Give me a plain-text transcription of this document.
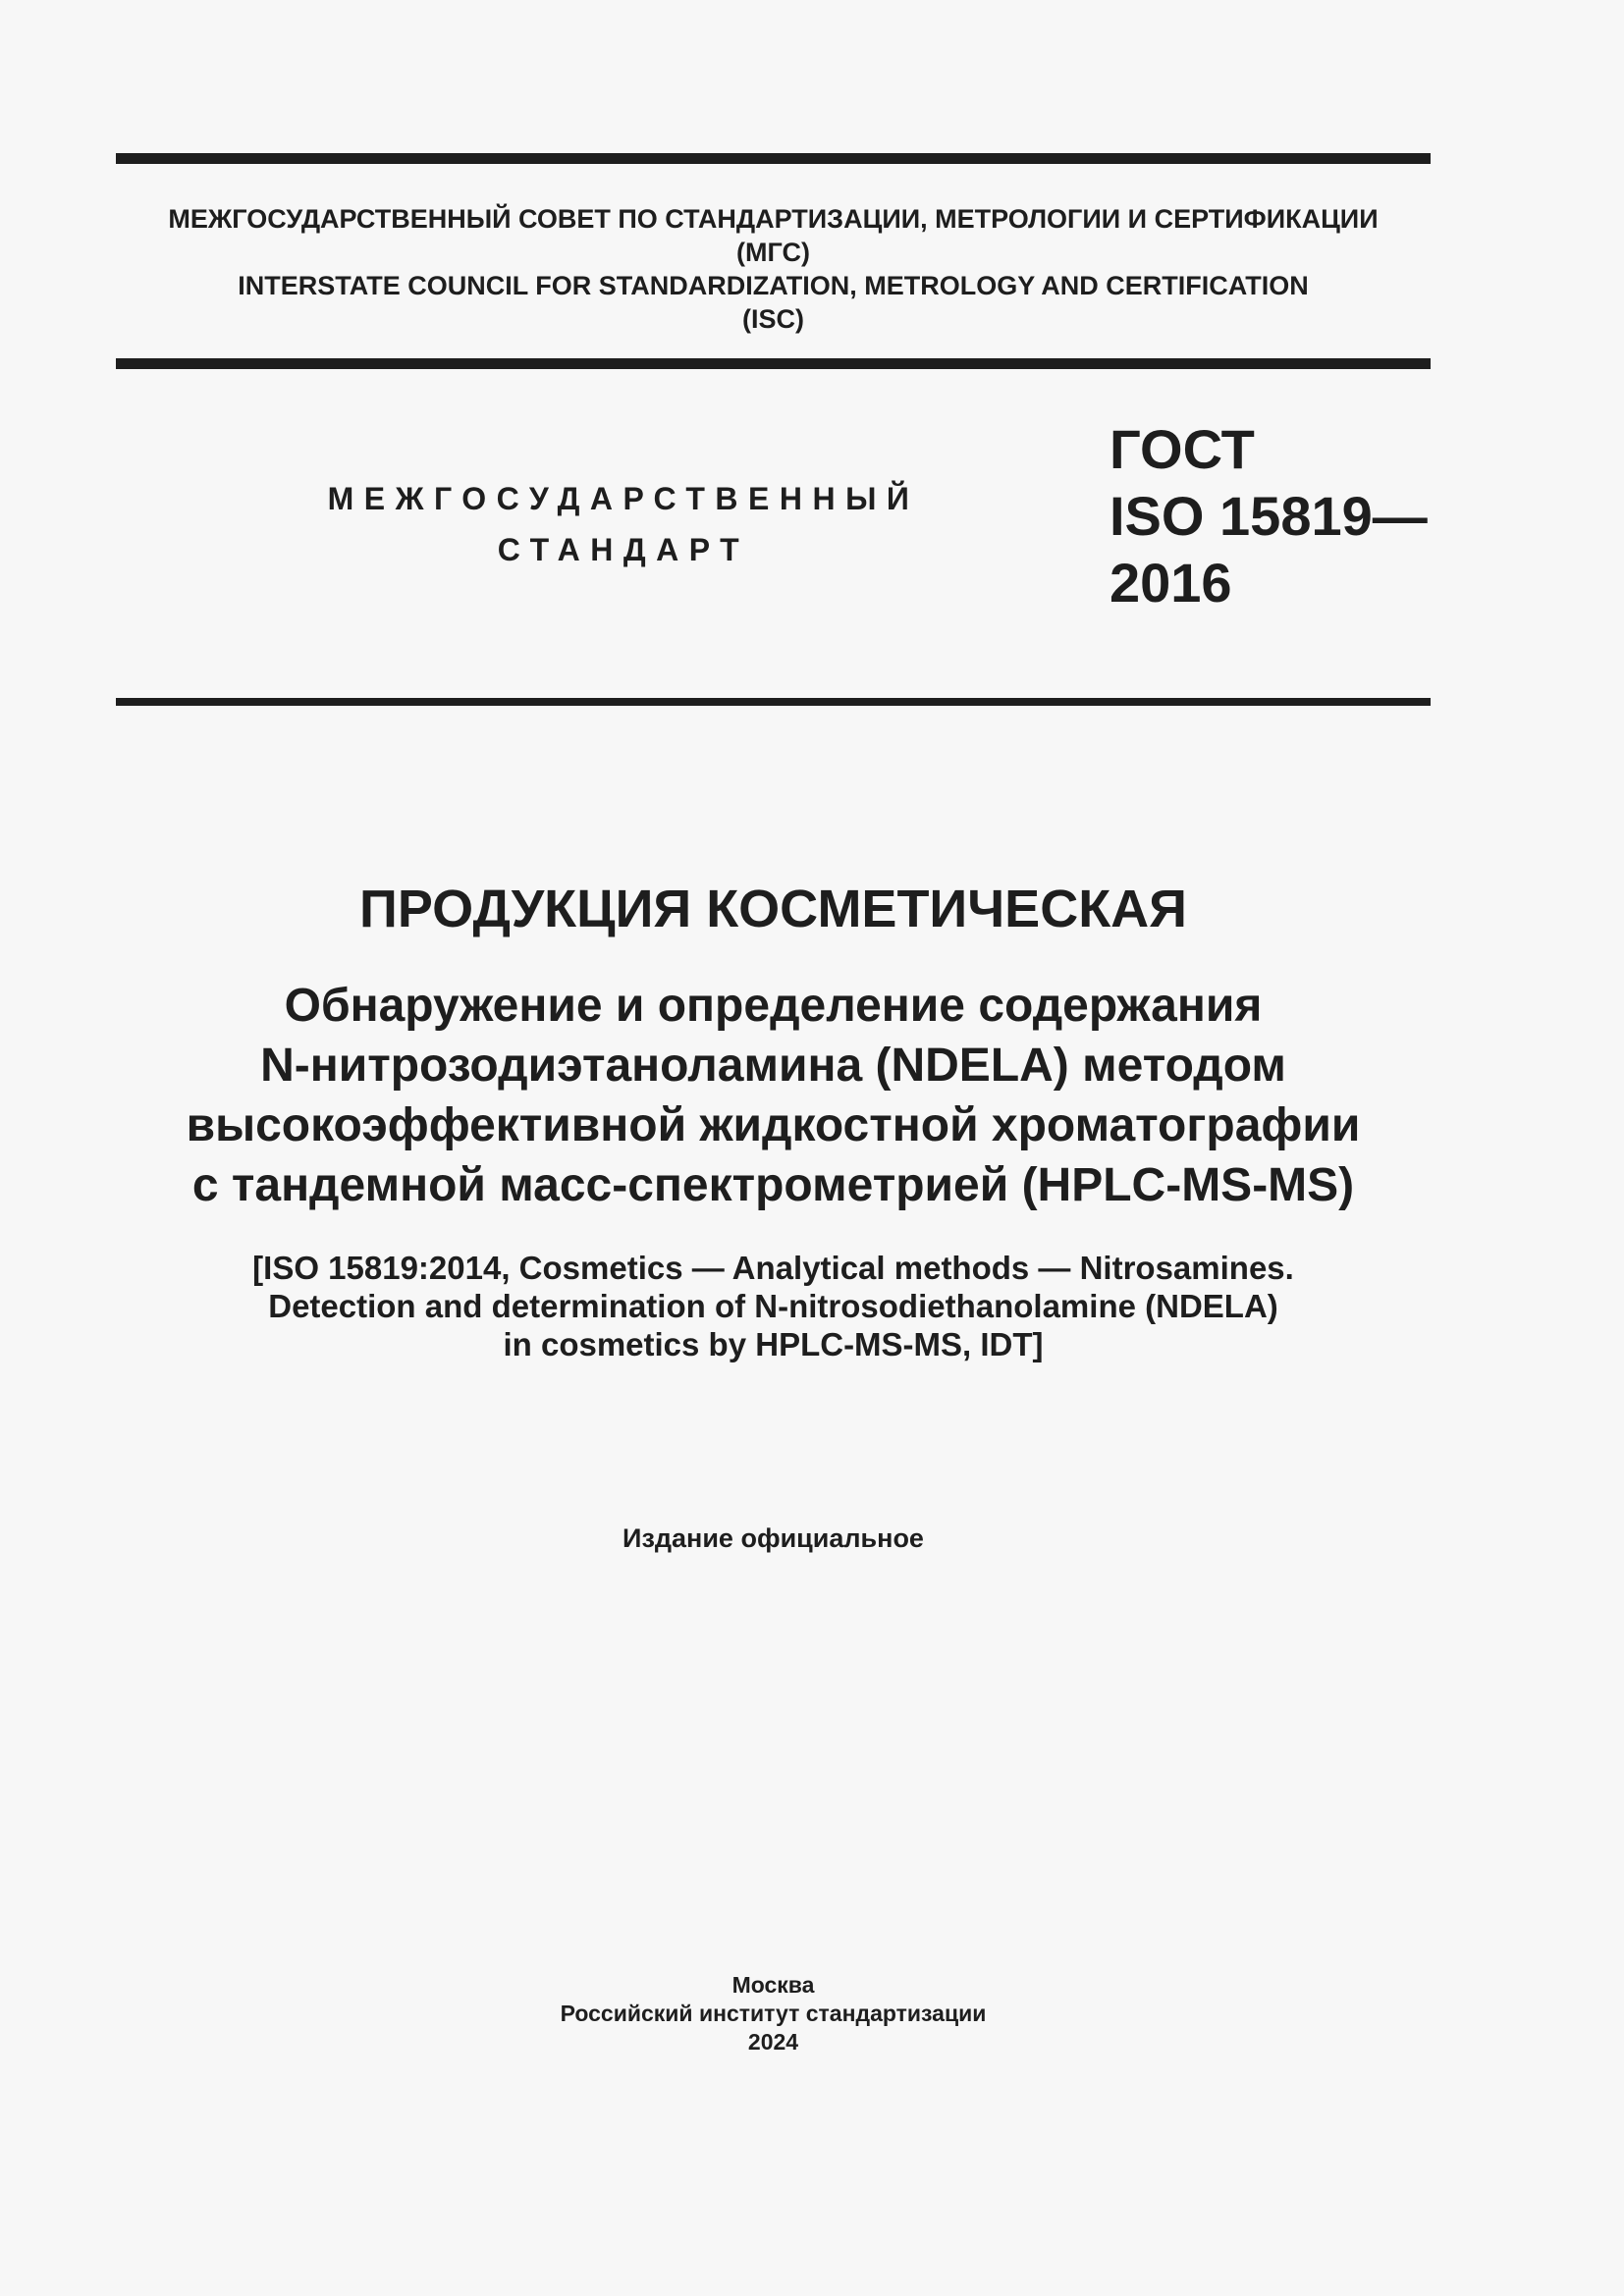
МЕЖГОСУДАРСТВЕННЫЙ СОВЕТ ПО СТАНДАРТИЗАЦИИ, МЕТРОЛОГИИ И СЕРТИФИКАЦИИ
(МГС)
INTERSTATE COUNCIL FOR STANDARDIZATION, METROLOGY AND CERTIFICATION
(ISC)
МЕЖГОСУДАРСТВЕННЫЙ
СТАНДАРТ
ГОСТ
ISO 15819—
2016
ПРОДУКЦИЯ КОСМЕТИЧЕСКАЯ
Обнаружение и определение содержания
N-нитрозодиэтаноламина (NDELA) методом
высокоэффективной жидкостной хроматографии
с тандемной масс-спектрометрией (HPLC-MS-MS)
[ISO 15819:2014, Cosmetics — Analytical methods — Nitrosamines.
Detection and determination of N-nitrosodiethanolamine (NDELA)
in cosmetics by HPLC-MS-MS, IDT]
Издание официальное
Москва
Российский институт стандартизации
2024
